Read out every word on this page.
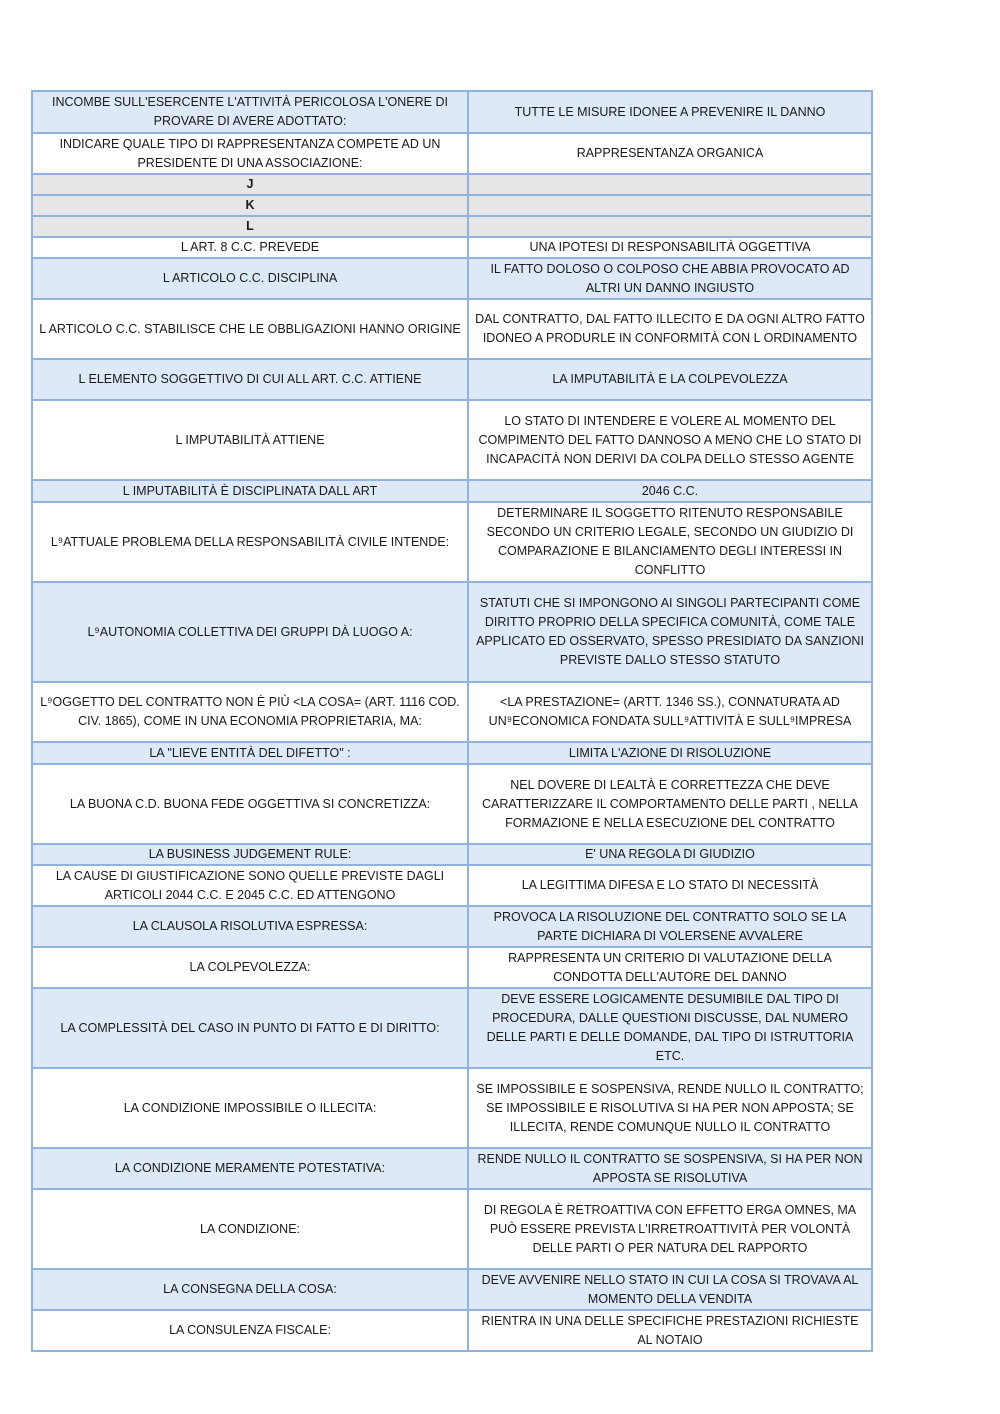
INCOMBE SULL'ESERCENTE L'ATTIVITÀ PERICOLOSA L'ONERE DI PROVARE DI AVERE ADOTTATO:	TUTTE LE MISURE IDONEE A PREVENIRE IL DANNO
INDICARE QUALE TIPO DI RAPPRESENTANZA COMPETE AD UN PRESIDENTE DI UNA ASSOCIAZIONE:	RAPPRESENTANZA ORGANICA
J	
K	
L	
L ART. 8 C.C. PREVEDE	UNA IPOTESI DI RESPONSABILITÀ OGGETTIVA
L ARTICOLO C.C. DISCIPLINA	IL FATTO DOLOSO O COLPOSO CHE ABBIA PROVOCATO AD ALTRI UN DANNO INGIUSTO
L ARTICOLO C.C. STABILISCE CHE LE OBBLIGAZIONI HANNO ORIGINE	DAL CONTRATTO, DAL FATTO ILLECITO E DA OGNI ALTRO FATTO IDONEO A PRODURLE IN CONFORMITÀ CON L ORDINAMENTO
L ELEMENTO SOGGETTIVO DI CUI ALL ART. C.C. ATTIENE	LA IMPUTABILITÀ E LA COLPEVOLEZZA
L IMPUTABILITÀ ATTIENE	LO STATO DI INTENDERE E VOLERE AL MOMENTO DEL COMPIMENTO DEL FATTO DANNOSO A MENO CHE LO STATO DI INCAPACITÀ NON DERIVI DA COLPA DELLO STESSO AGENTE
L IMPUTABILITÀ È DISCIPLINATA DALL ART	2046 C.C.
L⁹ATTUALE PROBLEMA DELLA RESPONSABILITÀ CIVILE INTENDE:	DETERMINARE IL SOGGETTO RITENUTO RESPONSABILE SECONDO UN CRITERIO LEGALE, SECONDO UN GIUDIZIO DI COMPARAZIONE E BILANCIAMENTO DEGLI INTERESSI IN CONFLITTO
L⁹AUTONOMIA COLLETTIVA DEI GRUPPI DÀ LUOGO A:	STATUTI CHE SI IMPONGONO AI SINGOLI PARTECIPANTI COME DIRITTO PROPRIO DELLA SPECIFICA COMUNITÀ, COME TALE APPLICATO ED OSSERVATO, SPESSO PRESIDIATO DA SANZIONI PREVISTE DALLO STESSO STATUTO
L⁹OGGETTO DEL CONTRATTO NON È PIÙ <LA COSA= (ART. 1116 COD. CIV. 1865), COME IN UNA ECONOMIA PROPRIETARIA, MA:	<LA PRESTAZIONE= (ARTT. 1346 SS.), CONNATURATA AD UN⁹ECONOMICA FONDATA SULL⁹ATTIVITÀ E SULL⁹IMPRESA
LA "LIEVE ENTITÀ DEL DIFETTO" :	LIMITA L'AZIONE DI RISOLUZIONE
LA BUONA C.D. BUONA FEDE OGGETTIVA SI CONCRETIZZA:	NEL DOVERE DI LEALTÀ E CORRETTEZZA CHE DEVE CARATTERIZZARE IL COMPORTAMENTO DELLE PARTI , NELLA FORMAZIONE E NELLA ESECUZIONE DEL CONTRATTO
LA BUSINESS JUDGEMENT RULE:	E' UNA REGOLA DI GIUDIZIO
LA CAUSE DI GIUSTIFICAZIONE SONO QUELLE PREVISTE DAGLI ARTICOLI 2044 C.C. E 2045 C.C. ED ATTENGONO	LA LEGITTIMA DIFESA E LO STATO DI NECESSITÀ
LA CLAUSOLA RISOLUTIVA ESPRESSA:	PROVOCA LA RISOLUZIONE DEL CONTRATTO SOLO SE LA PARTE DICHIARA DI VOLERSENE AVVALERE
LA COLPEVOLEZZA:	RAPPRESENTA UN CRITERIO DI VALUTAZIONE DELLA CONDOTTA DELL'AUTORE DEL DANNO
LA COMPLESSITÀ DEL CASO IN PUNTO DI FATTO E DI DIRITTO:	DEVE ESSERE LOGICAMENTE DESUMIBILE DAL TIPO DI PROCEDURA, DALLE QUESTIONI DISCUSSE, DAL NUMERO DELLE PARTI E DELLE DOMANDE, DAL TIPO DI ISTRUTTORIA ETC.
LA CONDIZIONE IMPOSSIBILE O ILLECITA:	SE IMPOSSIBILE E SOSPENSIVA, RENDE NULLO IL CONTRATTO; SE IMPOSSIBILE E RISOLUTIVA SI HA PER NON APPOSTA; SE ILLECITA, RENDE COMUNQUE NULLO IL CONTRATTO
LA CONDIZIONE MERAMENTE POTESTATIVA:	RENDE NULLO IL CONTRATTO SE SOSPENSIVA, SI HA PER NON APPOSTA SE RISOLUTIVA
LA CONDIZIONE:	DI REGOLA È RETROATTIVA CON EFFETTO ERGA OMNES, MA PUÒ ESSERE PREVISTA L'IRRETROATTIVITÀ PER VOLONTÀ DELLE PARTI O PER NATURA DEL RAPPORTO
LA CONSEGNA DELLA COSA:	DEVE AVVENIRE NELLO STATO IN CUI LA COSA SI TROVAVA AL MOMENTO DELLA VENDITA
LA CONSULENZA FISCALE:	RIENTRA IN UNA DELLE SPECIFICHE PRESTAZIONI RICHIESTE AL NOTAIO
